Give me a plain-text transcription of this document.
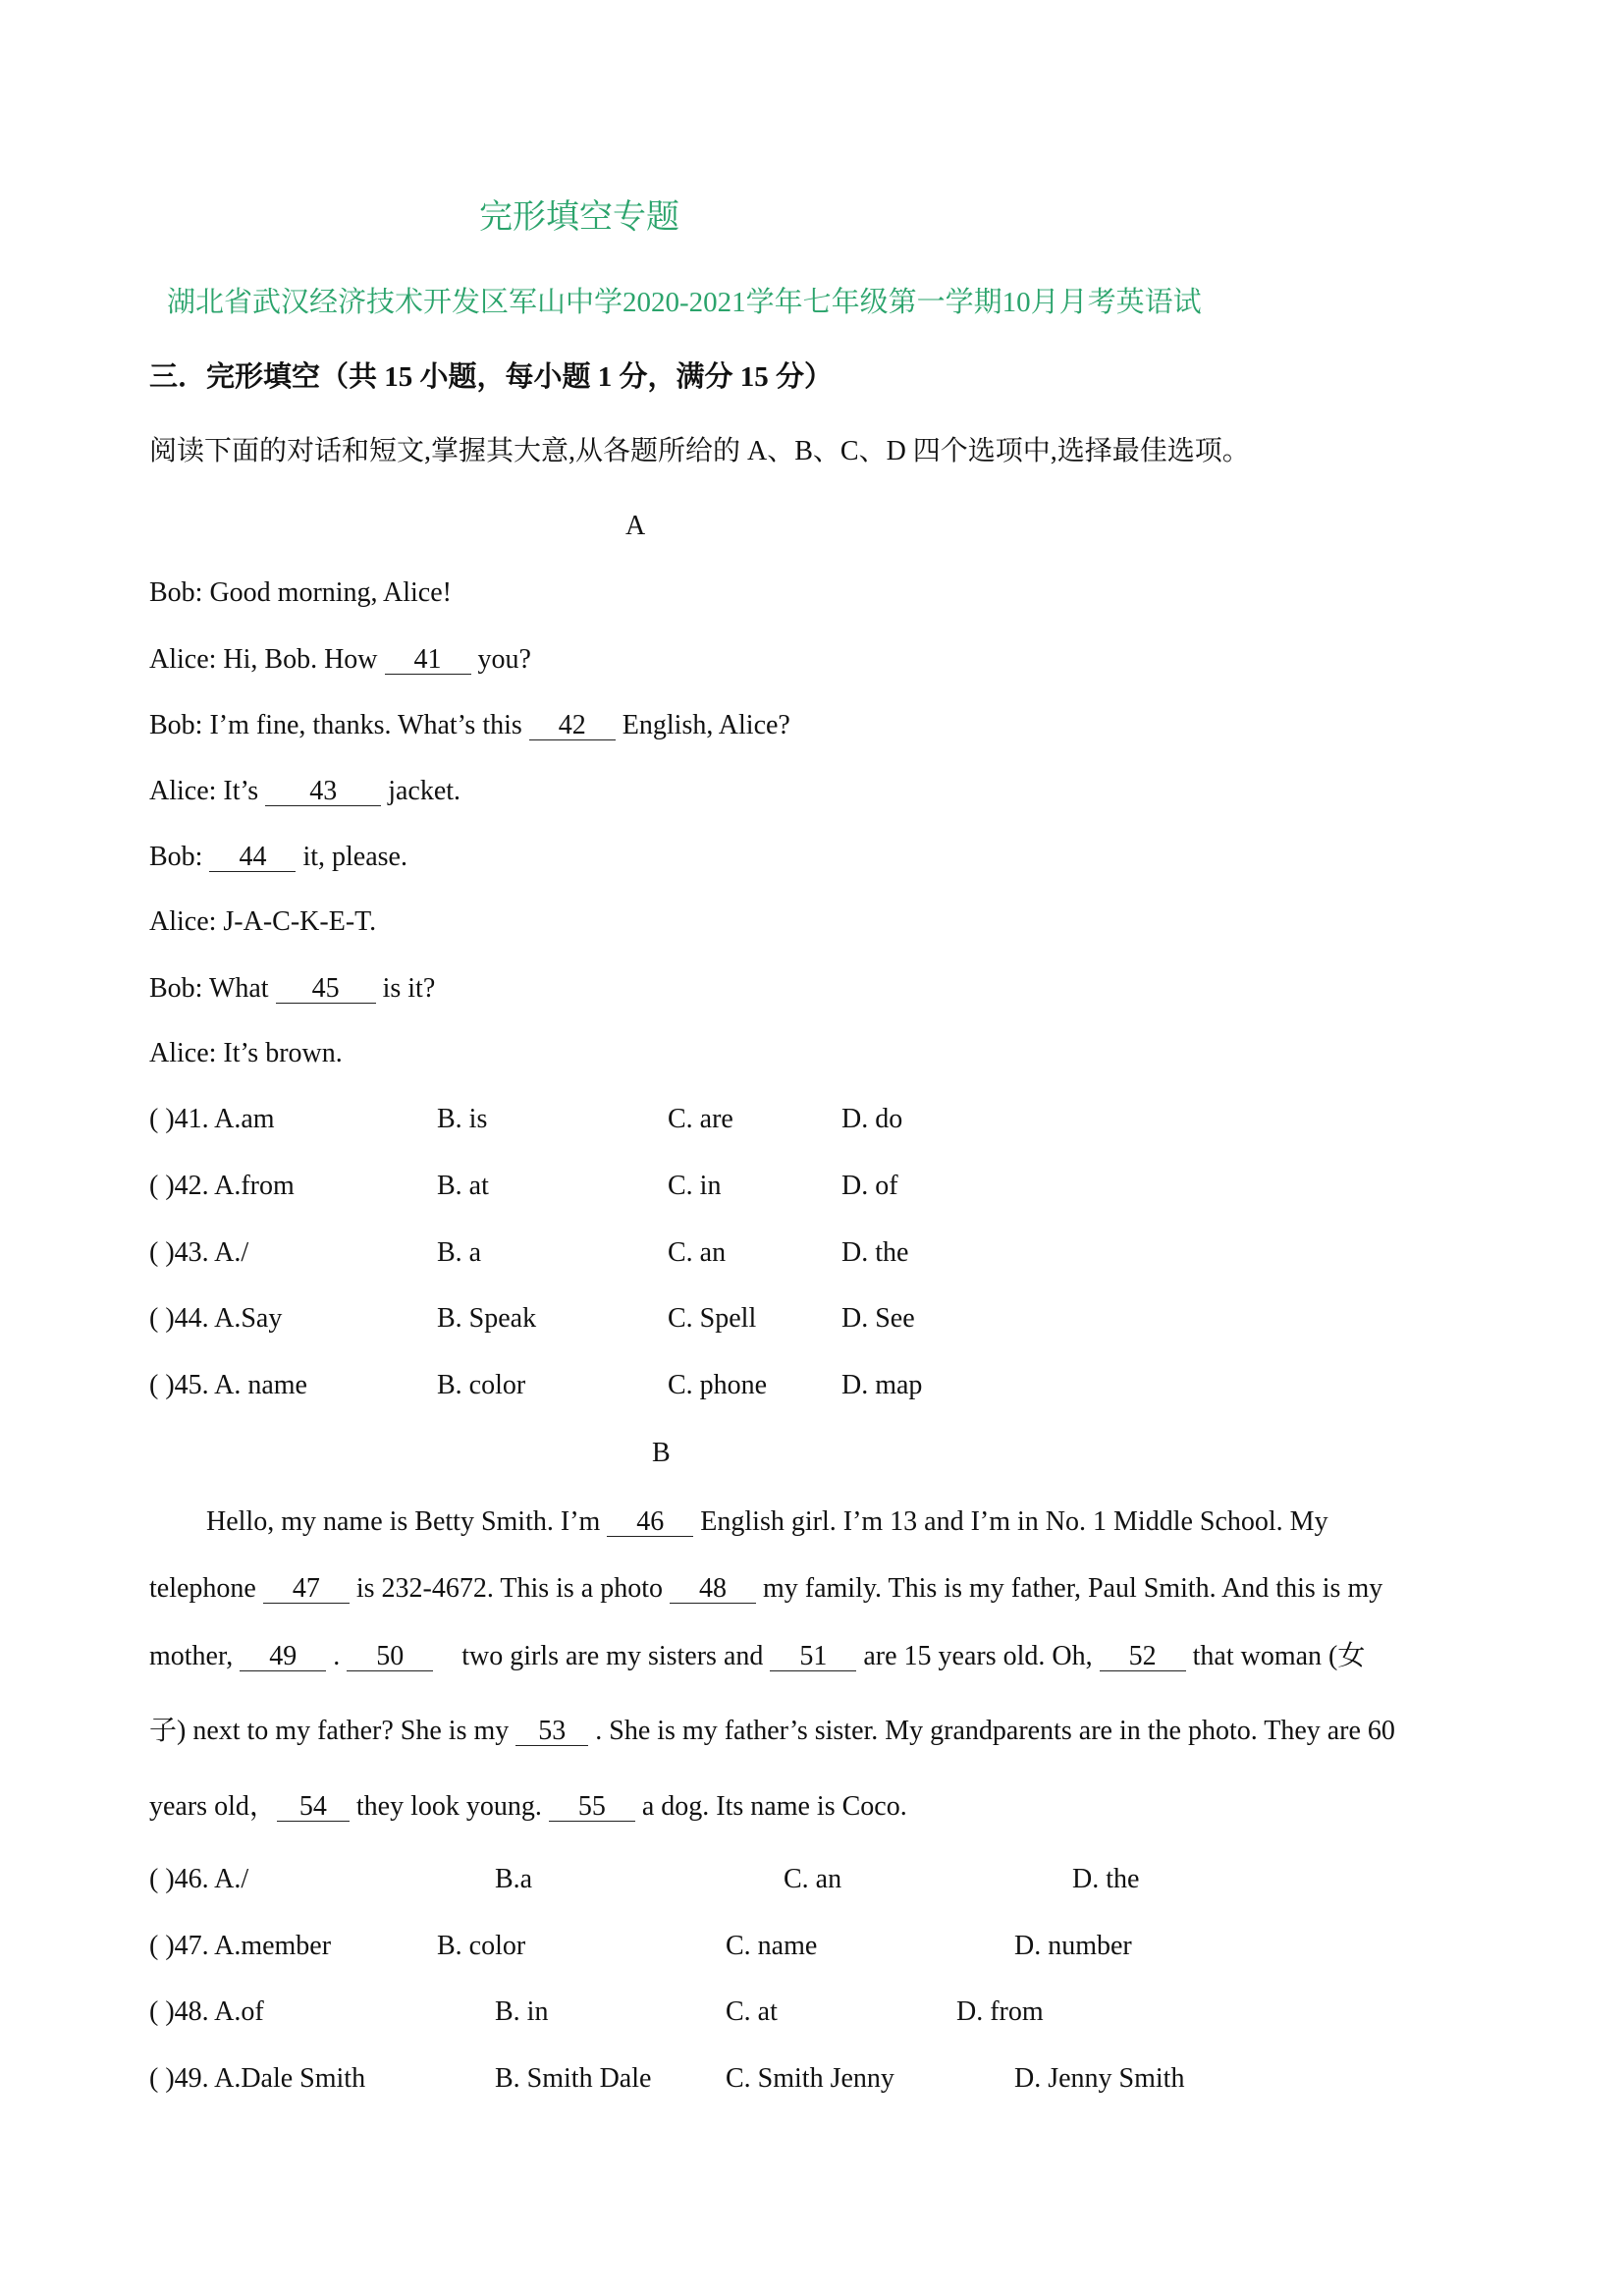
完形填空专题
湖北省武汉经济技术开发区军山中学2020-2021学年七年级第一学期10月月考英语试
三．完形填空（共 15 小题，每小题 1 分，满分 15 分）
阅读下面的对话和短文,掌握其大意,从各题所给的 A、B、C、D 四个选项中,选择最佳选项。
A
Bob: Good morning, Alice!
Alice: Hi, Bob. How 41 you?
Bob: I’m fine, thanks. What’s this 42 English, Alice?
Alice: It’s 43 jacket.
Bob: 44 it, please.
Alice: J-A-C-K-E-T.
Bob: What 45 is it?
Alice: It’s brown.
( )41. A.am	B. is	C. are	D. do
( )42. A.from	B. at	C. in	D. of
( )43. A./	B. a	C. an	D. the
( )44. A.Say	B. Speak	C. Spell	D. See
( )45. A. name	B. color	C. phone	D. map
B
Hello, my name is Betty Smith. I’m 46 English girl. I’m 13 and I’m in No. 1 Middle School. My
telephone 47 is 232-4672. This is a photo 48 my family. This is my father, Paul Smith. And this is my
mother, 49 . 50 two girls are my sisters and 51 are 15 years old. Oh, 52 that woman (女
子) next to my father? She is my 53 . She is my father’s sister. My grandparents are in the photo. They are 60
years old， 54 they look young. 55 a dog. Its name is Coco.
( )46. A./	B.a	C. an	D. the
( )47. A.member	B. color	C. name	D. number
( )48. A.of	B. in	C. at	D. from
( )49. A.Dale Smith	B. Smith Dale	C. Smith Jenny	D. Jenny Smith
